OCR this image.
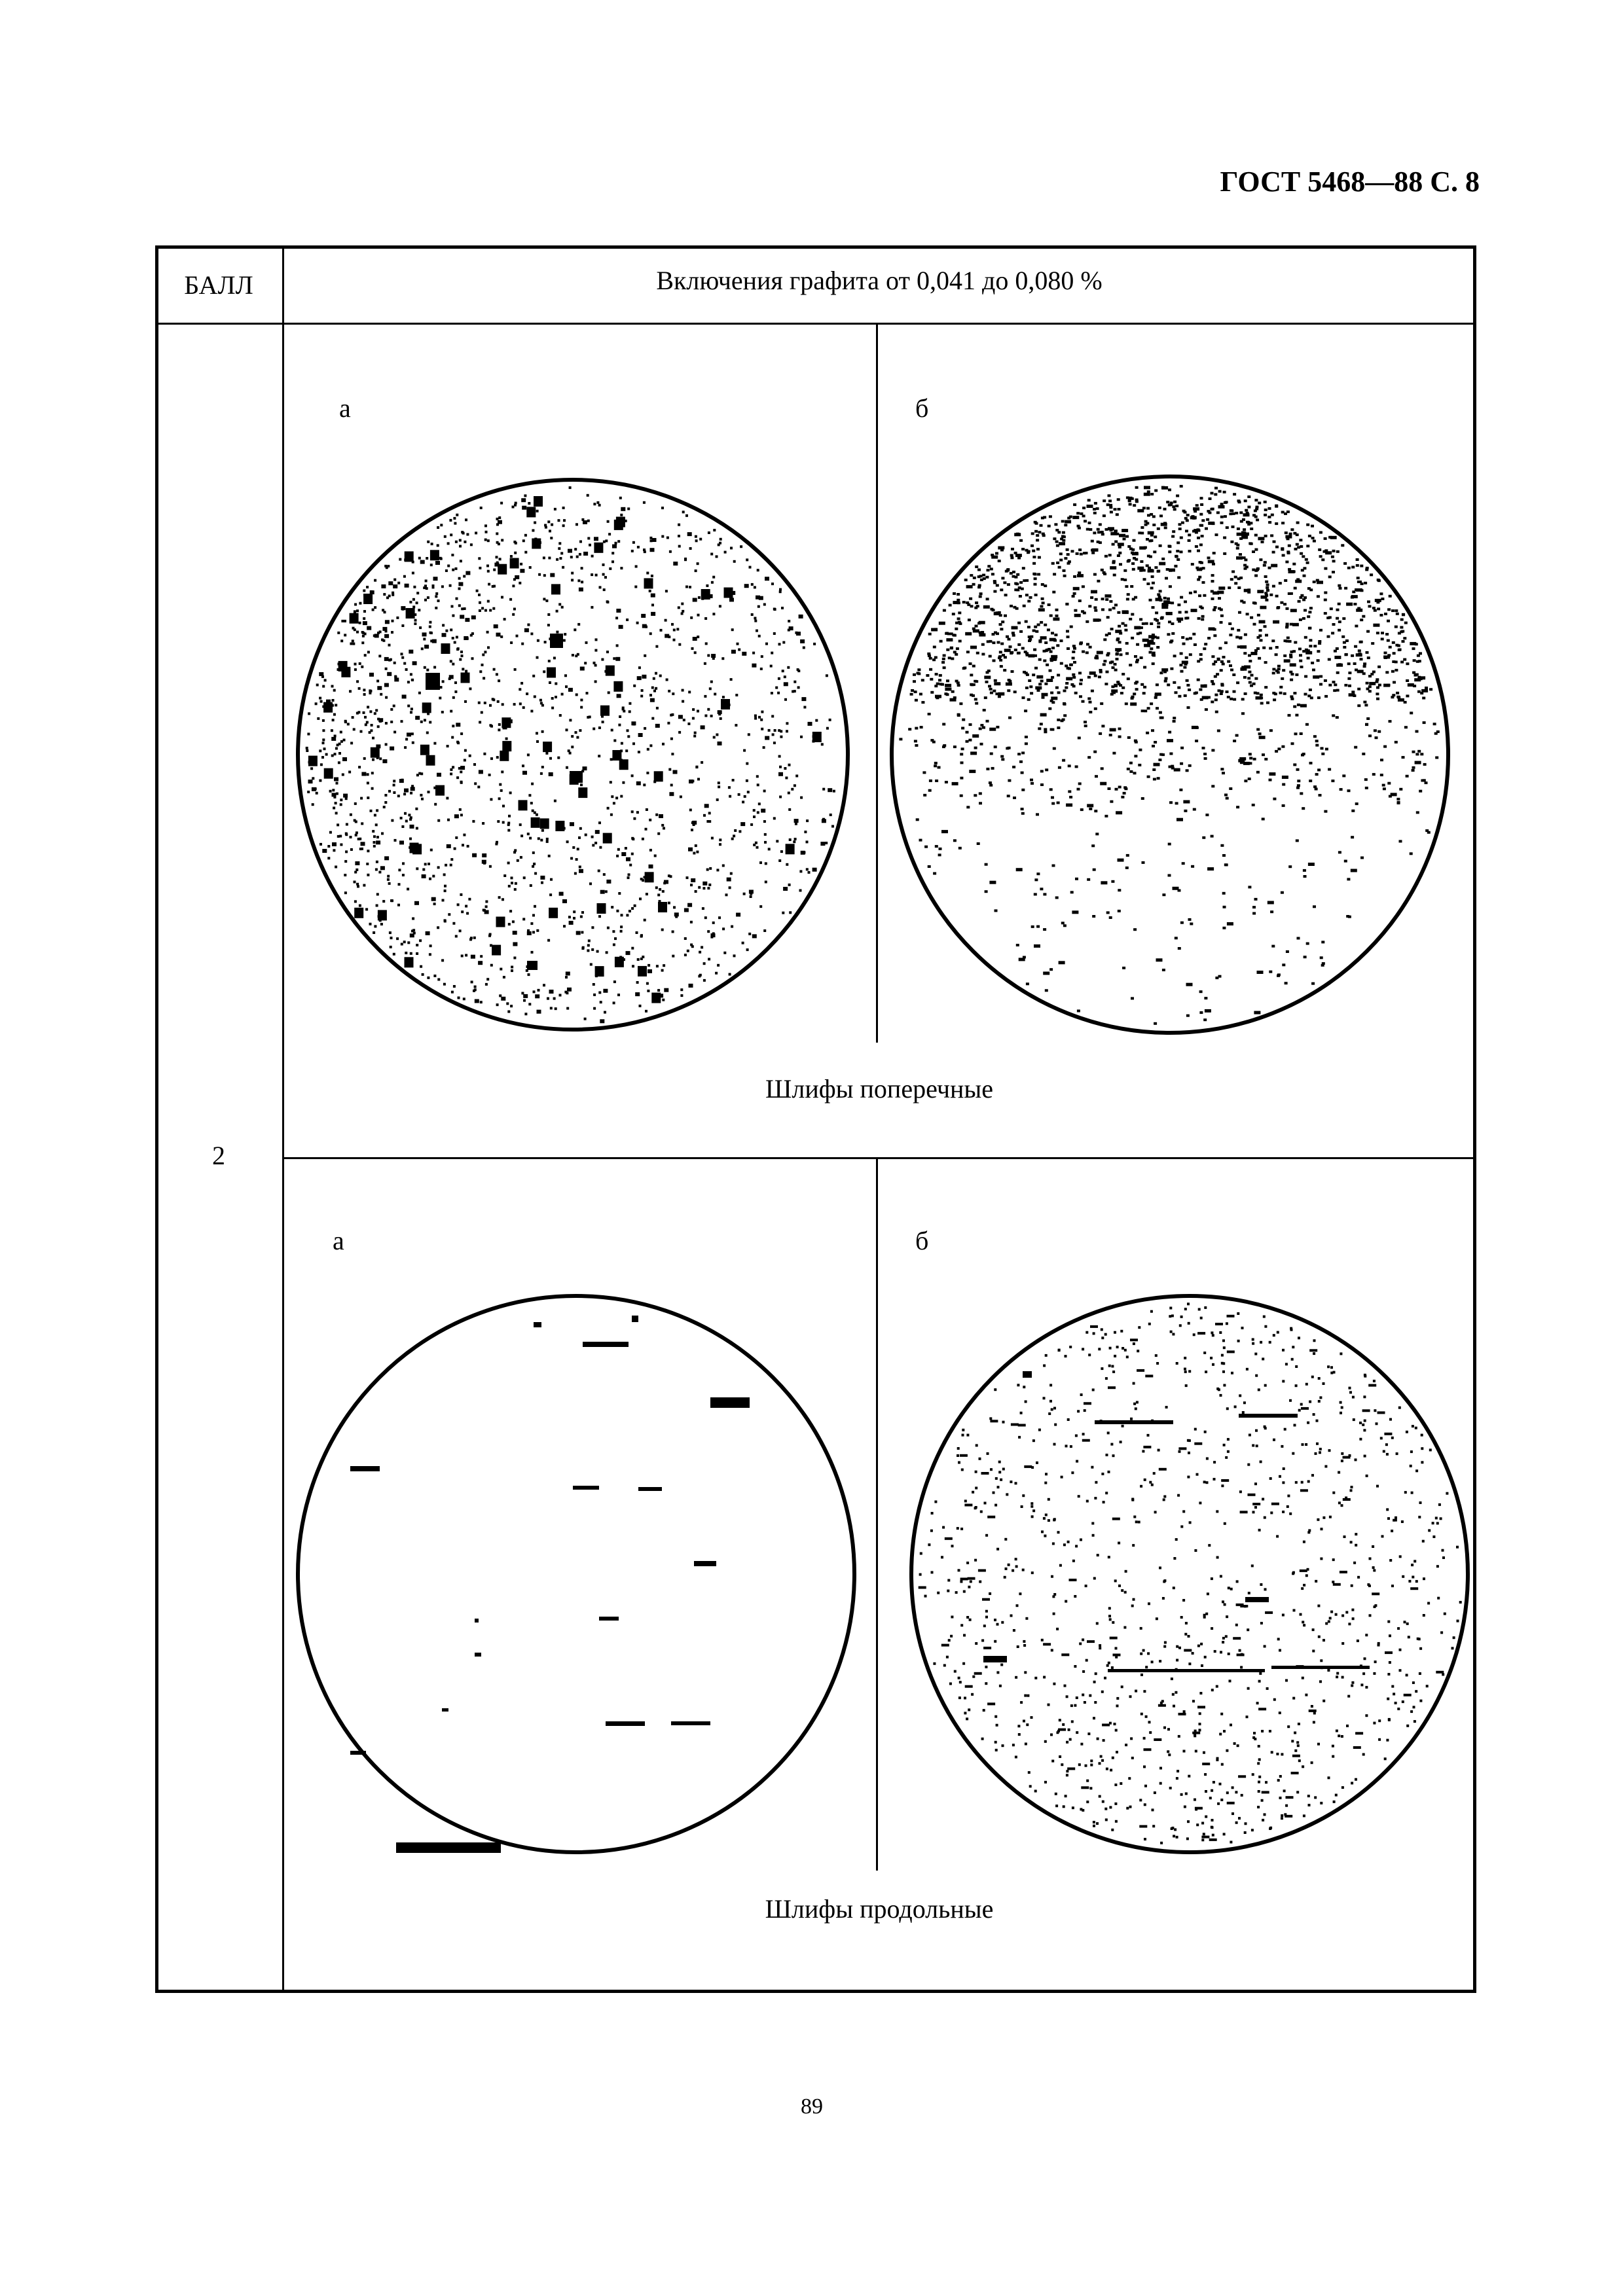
ГОСТ 5468—88 С. 8
БАЛЛ	Включения графита от 0,041 до 0,080 %
2
а	б
Шлифы поперечные
а	б
Шлифы продольные
89
